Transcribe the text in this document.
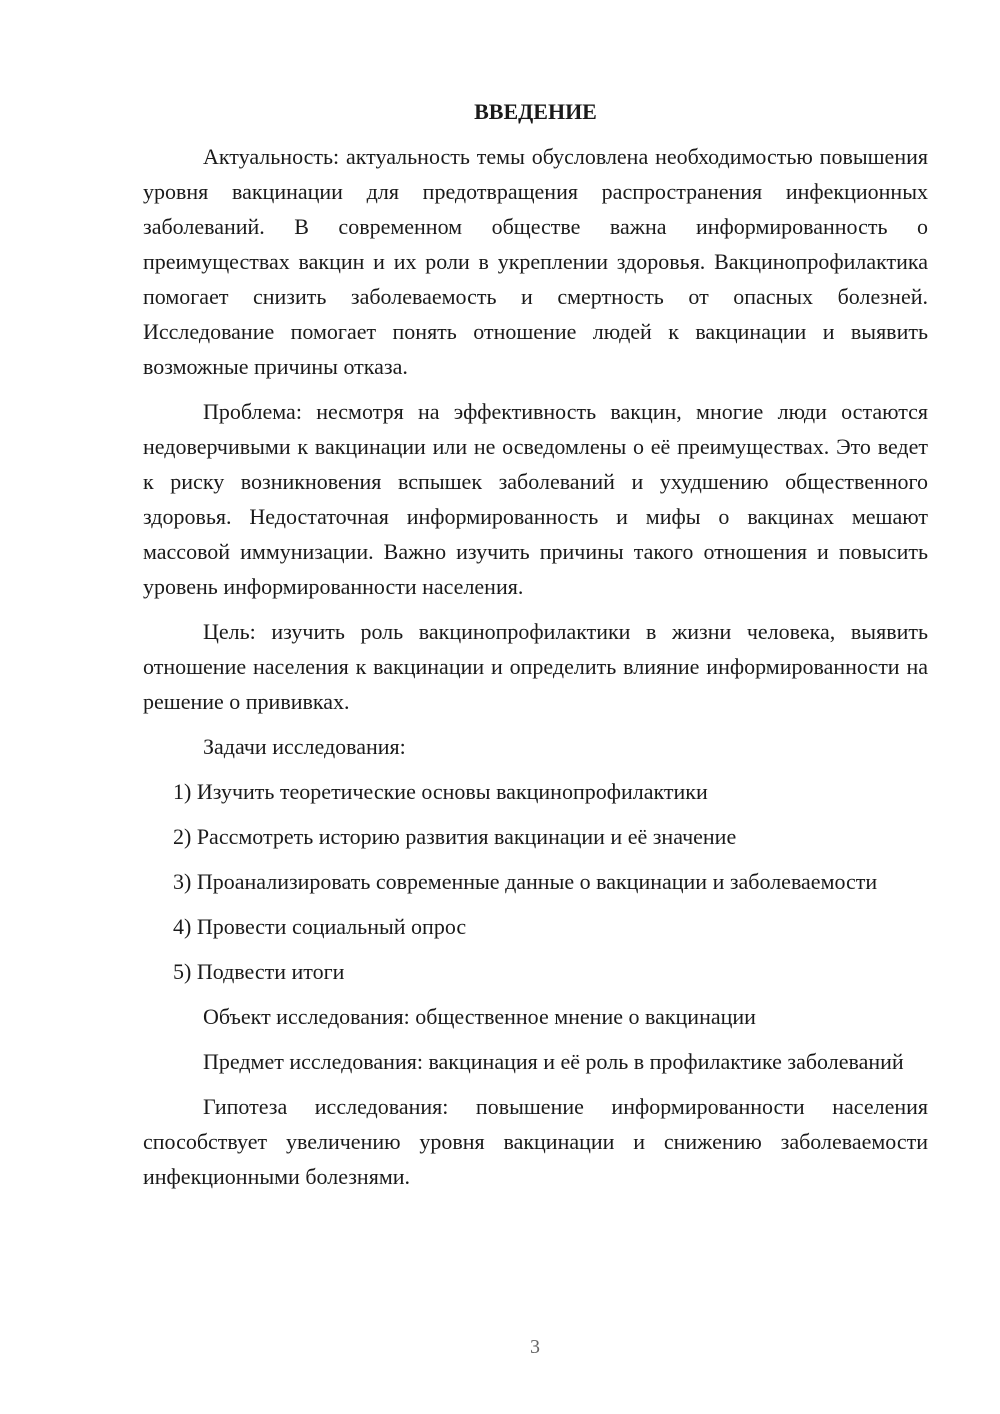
ВВЕДЕНИЕ

Актуальность: актуальность темы обусловлена необходимостью повышения уровня вакцинации для предотвращения распространения инфекционных заболеваний. В современном обществе важна информированность о преимуществах вакцин и их роли в укреплении здоровья. Вакцинопрофилактика помогает снизить заболеваемость и смертность от опасных болезней. Исследование помогает понять отношение людей к вакцинации и выявить возможные причины отказа.

Проблема: несмотря на эффективность вакцин, многие люди остаются недоверчивыми к вакцинации или не осведомлены о её преимуществах. Это ведет к риску возникновения вспышек заболеваний и ухудшению общественного здоровья. Недостаточная информированность и мифы о вакцинах мешают массовой иммунизации. Важно изучить причины такого отношения и повысить уровень информированности населения.

Цель: изучить роль вакцинопрофилактики в жизни человека, выявить отношение населения к вакцинации и определить влияние информированности на решение о прививках.

Задачи исследования:

1) Изучить теоретические основы вакцинопрофилактики

2) Рассмотреть историю развития вакцинации и её значение

3) Проанализировать современные данные о вакцинации и заболеваемости

4) Провести социальный опрос

5) Подвести итоги

Объект исследования: общественное мнение о вакцинации

Предмет исследования: вакцинация и её роль в профилактике заболеваний

Гипотеза исследования: повышение информированности населения способствует увеличению уровня вакцинации и снижению заболеваемости инфекционными болезнями.

3
